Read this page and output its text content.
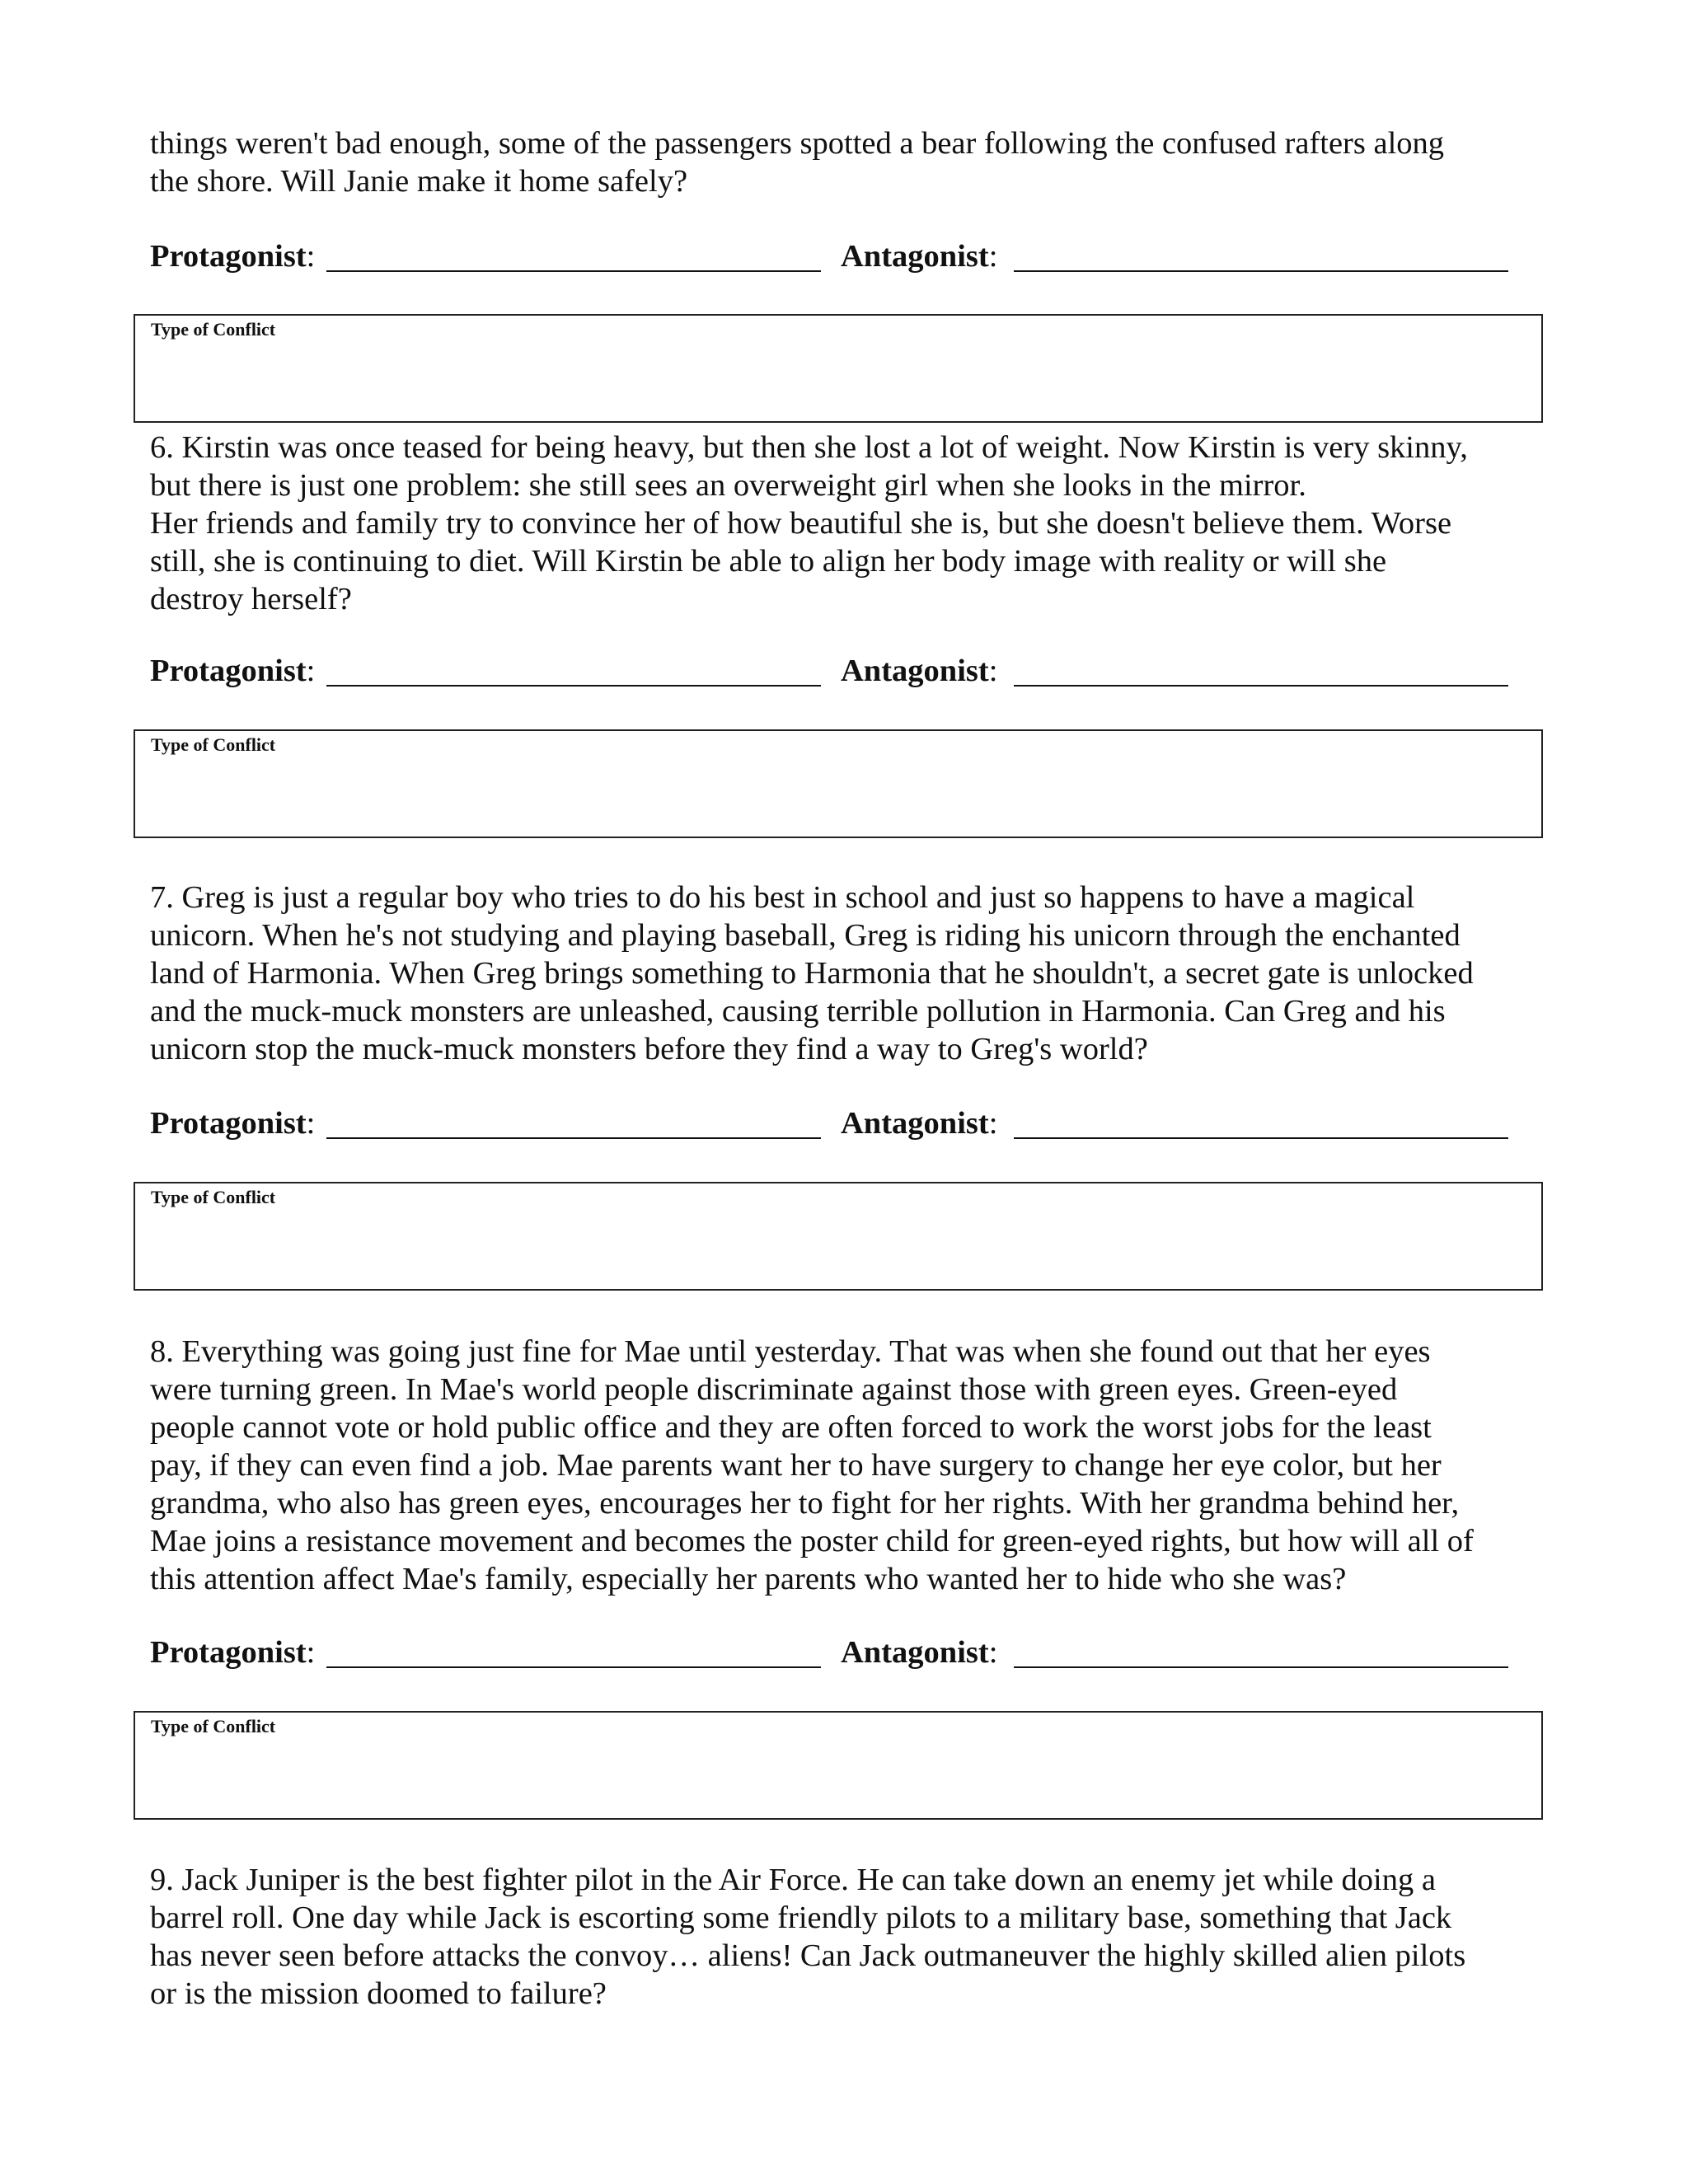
things weren't bad enough, some of the passengers spotted a bear following the confused rafters along
the shore. Will Janie make it home safely?
Protagonist:	Antagonist:
Type of Conflict
6. Kirstin was once teased for being heavy, but then she lost a lot of weight. Now Kirstin is very skinny,
but there is just one problem: she still sees an overweight girl when she looks in the mirror.
Her friends and family try to convince her of how beautiful she is, but she doesn't believe them. Worse
still, she is continuing to diet. Will Kirstin be able to align her body image with reality or will she
destroy herself?
Protagonist:	Antagonist:
Type of Conflict
7. Greg is just a regular boy who tries to do his best in school and just so happens to have a magical
unicorn. When he's not studying and playing baseball, Greg is riding his unicorn through the enchanted
land of Harmonia. When Greg brings something to Harmonia that he shouldn't, a secret gate is unlocked
and the muck-muck monsters are unleashed, causing terrible pollution in Harmonia. Can Greg and his
unicorn stop the muck-muck monsters before they find a way to Greg's world?
Protagonist:	Antagonist:
Type of Conflict
8. Everything was going just fine for Mae until yesterday. That was when she found out that her eyes
were turning green. In Mae's world people discriminate against those with green eyes. Green-eyed
people cannot vote or hold public office and they are often forced to work the worst jobs for the least
pay, if they can even find a job. Mae parents want her to have surgery to change her eye color, but her
grandma, who also has green eyes, encourages her to fight for her rights. With her grandma behind her,
Mae joins a resistance movement and becomes the poster child for green-eyed rights, but how will all of
this attention affect Mae's family, especially her parents who wanted her to hide who she was?
Protagonist:	Antagonist:
Type of Conflict
9. Jack Juniper is the best fighter pilot in the Air Force. He can take down an enemy jet while doing a
barrel roll. One day while Jack is escorting some friendly pilots to a military base, something that Jack
has never seen before attacks the convoy… aliens! Can Jack outmaneuver the highly skilled alien pilots
or is the mission doomed to failure?
